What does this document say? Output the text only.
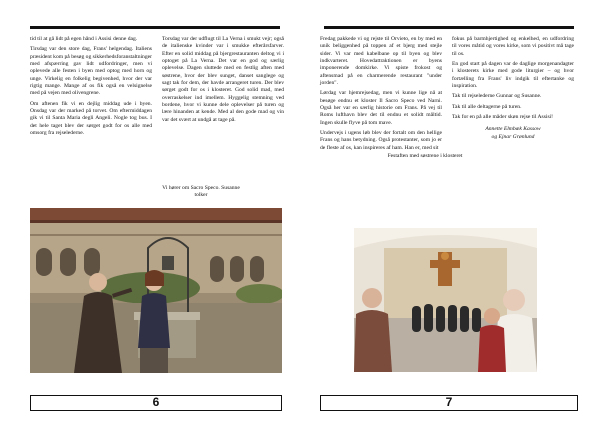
tid til at gå lidt på egen hånd i Assisi denne dag.

Tirsdag var den store dag, Frans' helgendag. Italiens præsident kom på besøg og sikkerhedsforanstaltninger med afspærring gav lidt udfordringer, men vi oplevede alle festen i byen med optog med horn og unge. Virkelig en folkelig begivenhed, hvor der var rigtig mange. Mange af os fik også en velsignelse med på vejen med olivengrene.

Om aftenen fik vi en dejlig middag ude i byen. Onsdag var der marked på torvet. Om eftermiddagen gik vi til Santa Maria degli Angeli. Nogle tog bus. I det hele taget blev der sørget godt for os alle med omsorg fra rejselederne.

Torsdag var der udflugt til La Verna i smukt vejr; også de italienske kvinder var i smukke efterårsfarver. Efter en solid middag på bjergrestauranten deltog vi i optoget på La Verna. Det var en god og særlig oplevelse. Dagen sluttede med en festlig aften med søstrene, hvor der blev sunget, danset sanglege og sagt tak for dem, der havde arrangeret turen. Der blev sørget godt for os i klosteret. God solid mad, med overraskelser ind imellem. Hyggelig stemning ved bordene, hvor vi kunne dele oplevelser på turen og lære hinanden at kende. Med al den gode mad og vin var det svært at undgå at tage på.

Vi hører om Sacro Speco. Susanne tolker
6

Fredag pakkede vi og rejste til Orvieto, en by med en unik beliggenhed på toppen af et bjerg med stejle sider. Vi var med kabelbane op til byen og blev indkvarteret. Hovedattraktionen er byens imponerende domkirke. Vi spiste frokost og aftensmad på en charmerende restaurant "under jorden".

Lørdag var hjemrejsedag, men vi kunne lige nå at besøge endnu et kloster Il Sacro Speco ved Narni. Også her var en særlig historie om Frans. På vej til Roms lufthavn blev det til endnu et solidt måltid. Ingen skulle flyve på tom mave.

Undervejs i ugens løb blev der fortalt om den hellige Frans og hans betydning. Også protestanter, som jo er de fleste af os, kan inspireres af ham. Han er, med sit

fokus på barmhjertighed og enkelhed, en udfordring til vores måtid og vores kirke, som vi positivt må tage til os.

En god start på dagen var de daglige morgenandagter i klosterets kirke med gode liturgier – og hvor fortælling fra Frans' liv indgik til eftertanke og inspiration.

Tak til rejselederne Gunnar og Susanne.

Tak til alle deltagerne på turen.

Tak for en på alle måder skøn rejse til Assisi!

Annette Elmbæk Kassow
og Ejnar Grønlund

Festaften med søstrene i klosteret
7
